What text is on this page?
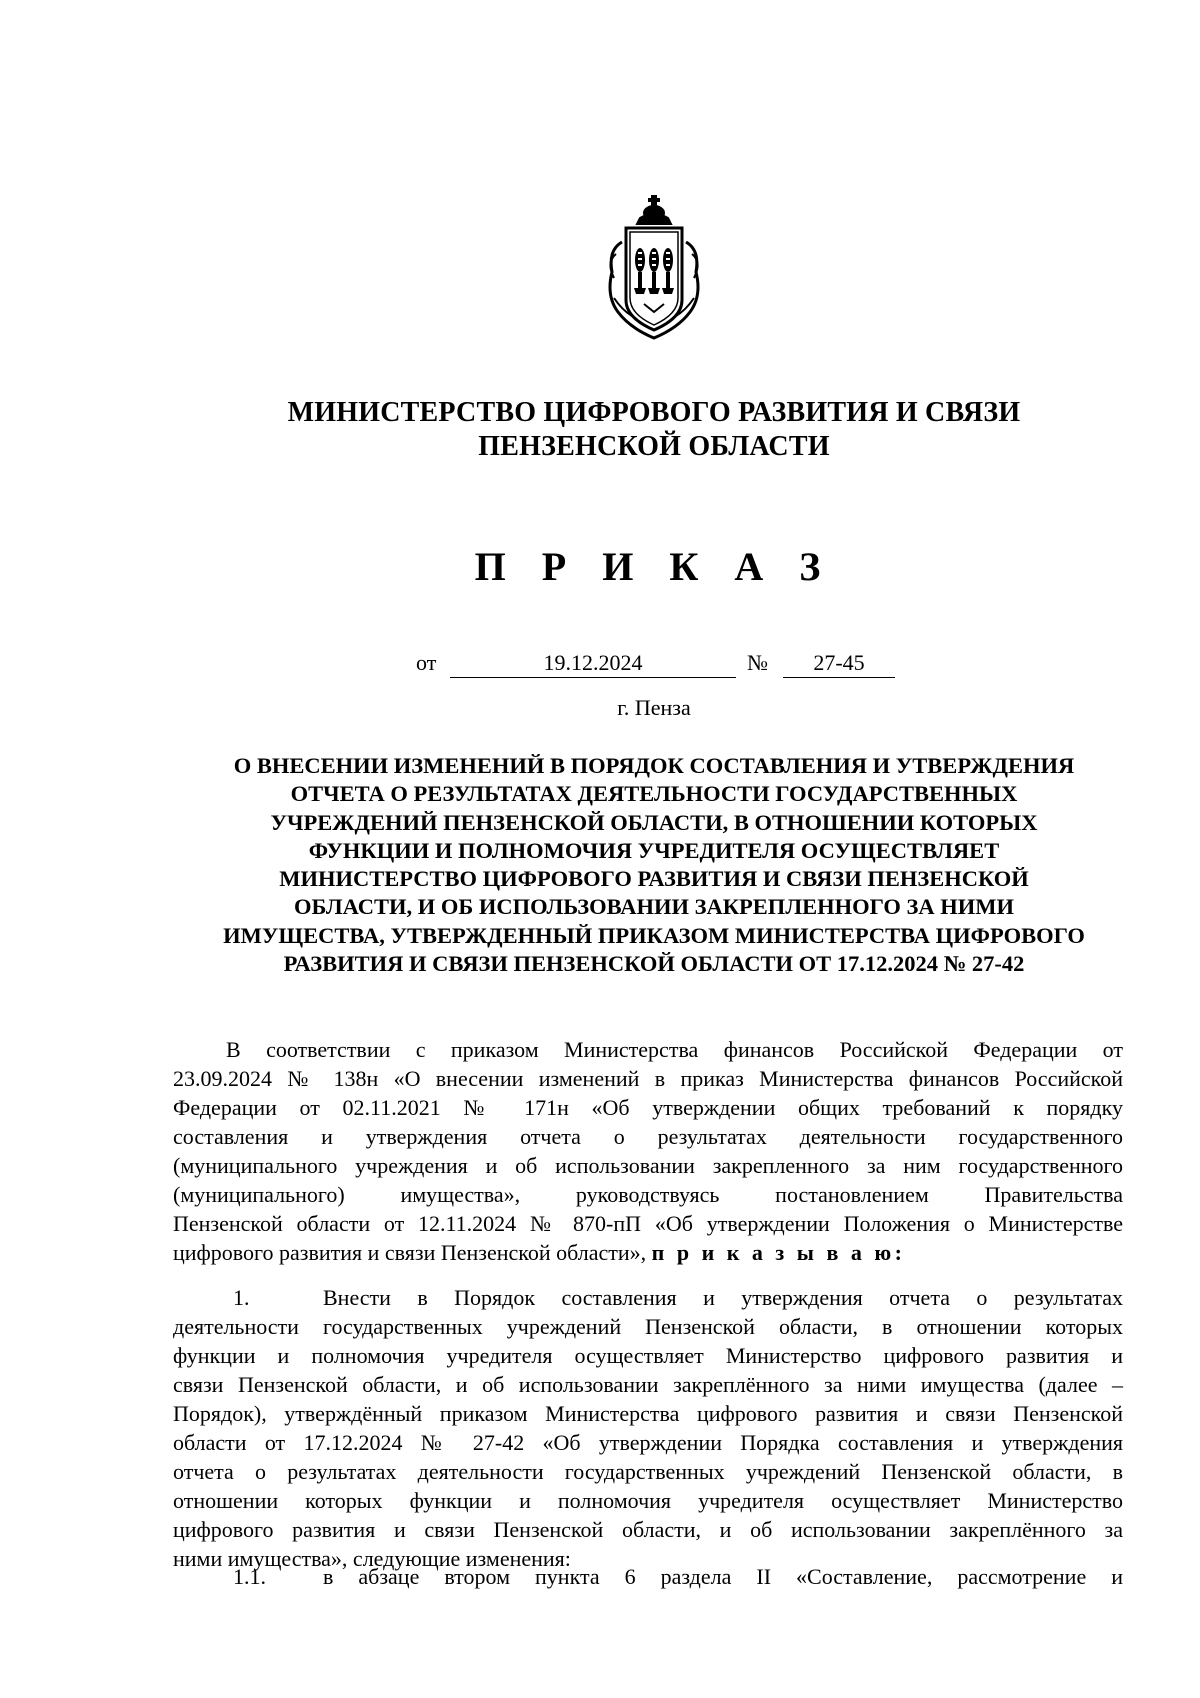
МИНИСТЕРСТВО ЦИФРОВОГО РАЗВИТИЯ И СВЯЗИ
ПЕНЗЕНСКОЙ ОБЛАСТИ
П Р И К А З
от	19.12.2024	№	27-45
г. Пенза
О ВНЕСЕНИИ ИЗМЕНЕНИЙ В ПОРЯДОК СОСТАВЛЕНИЯ И УТВЕРЖДЕНИЯ
ОТЧЕТА О РЕЗУЛЬТАТАХ ДЕЯТЕЛЬНОСТИ ГОСУДАРСТВЕННЫХ
УЧРЕЖДЕНИЙ ПЕНЗЕНСКОЙ ОБЛАСТИ, В ОТНОШЕНИИ КОТОРЫХ
ФУНКЦИИ И ПОЛНОМОЧИЯ УЧРЕДИТЕЛЯ ОСУЩЕСТВЛЯЕТ
МИНИСТЕРСТВО ЦИФРОВОГО РАЗВИТИЯ И СВЯЗИ ПЕНЗЕНСКОЙ
ОБЛАСТИ, И ОБ ИСПОЛЬЗОВАНИИ ЗАКРЕПЛЕННОГО ЗА НИМИ
ИМУЩЕСТВА, УТВЕРЖДЕННЫЙ ПРИКАЗОМ МИНИСТЕРСТВА ЦИФРОВОГО
РАЗВИТИЯ И СВЯЗИ ПЕНЗЕНСКОЙ ОБЛАСТИ ОТ 17.12.2024 № 27-42
В соответствии с приказом Министерства финансов Российской Федерации от
23.09.2024 № 138н «О внесении изменений в приказ Министерства финансов Российской
Федерации от 02.11.2021 № 171н «Об утверждении общих требований к порядку
составления и утверждения отчета о результатах деятельности государственного
(муниципального учреждения и об использовании закрепленного за ним государственного
(муниципального) имущества», руководствуясь постановлением Правительства
Пензенской области от 12.11.2024 № 870-пП «Об утверждении Положения о Министерстве
цифрового развития и связи Пензенской области», п р и к а з ы в а ю:
1.	Внести в Порядок составления и утверждения отчета о результатах
деятельности государственных учреждений Пензенской области, в отношении которых
функции и полномочия учредителя осуществляет Министерство цифрового развития и
связи Пензенской области, и об использовании закреплённого за ними имущества (далее –
Порядок), утверждённый приказом Министерства цифрового развития и связи Пензенской
области от 17.12.2024 № 27-42 «Об утверждении Порядка составления и утверждения
отчета о результатах деятельности государственных учреждений Пензенской области, в
отношении которых функции и полномочия учредителя осуществляет Министерство
цифрового развития и связи Пензенской области, и об использовании закреплённого за
ними имущества», следующие изменения:
1.1.	в абзаце втором пункта 6 раздела II «Составление, рассмотрение и
